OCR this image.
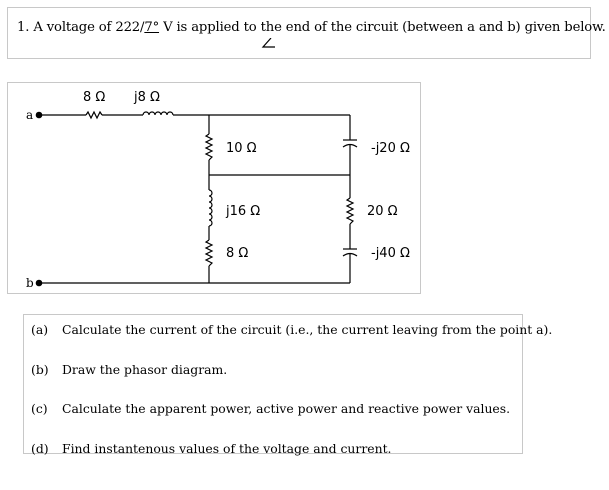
1. A voltage of 222/7° V is applied to the end of the circuit (between a and b) given below.
a
b
8 Ω j8 Ω
10 Ω	-j20 Ω
j16 Ω	20 Ω
8 Ω	-j40 Ω
(a) Calculate the current of the circuit (i.e., the current leaving from the point a).
(b) Draw the phasor diagram.
(c) Calculate the apparent power, active power and reactive power values.
(d) Find instantenous values of the voltage and current.
